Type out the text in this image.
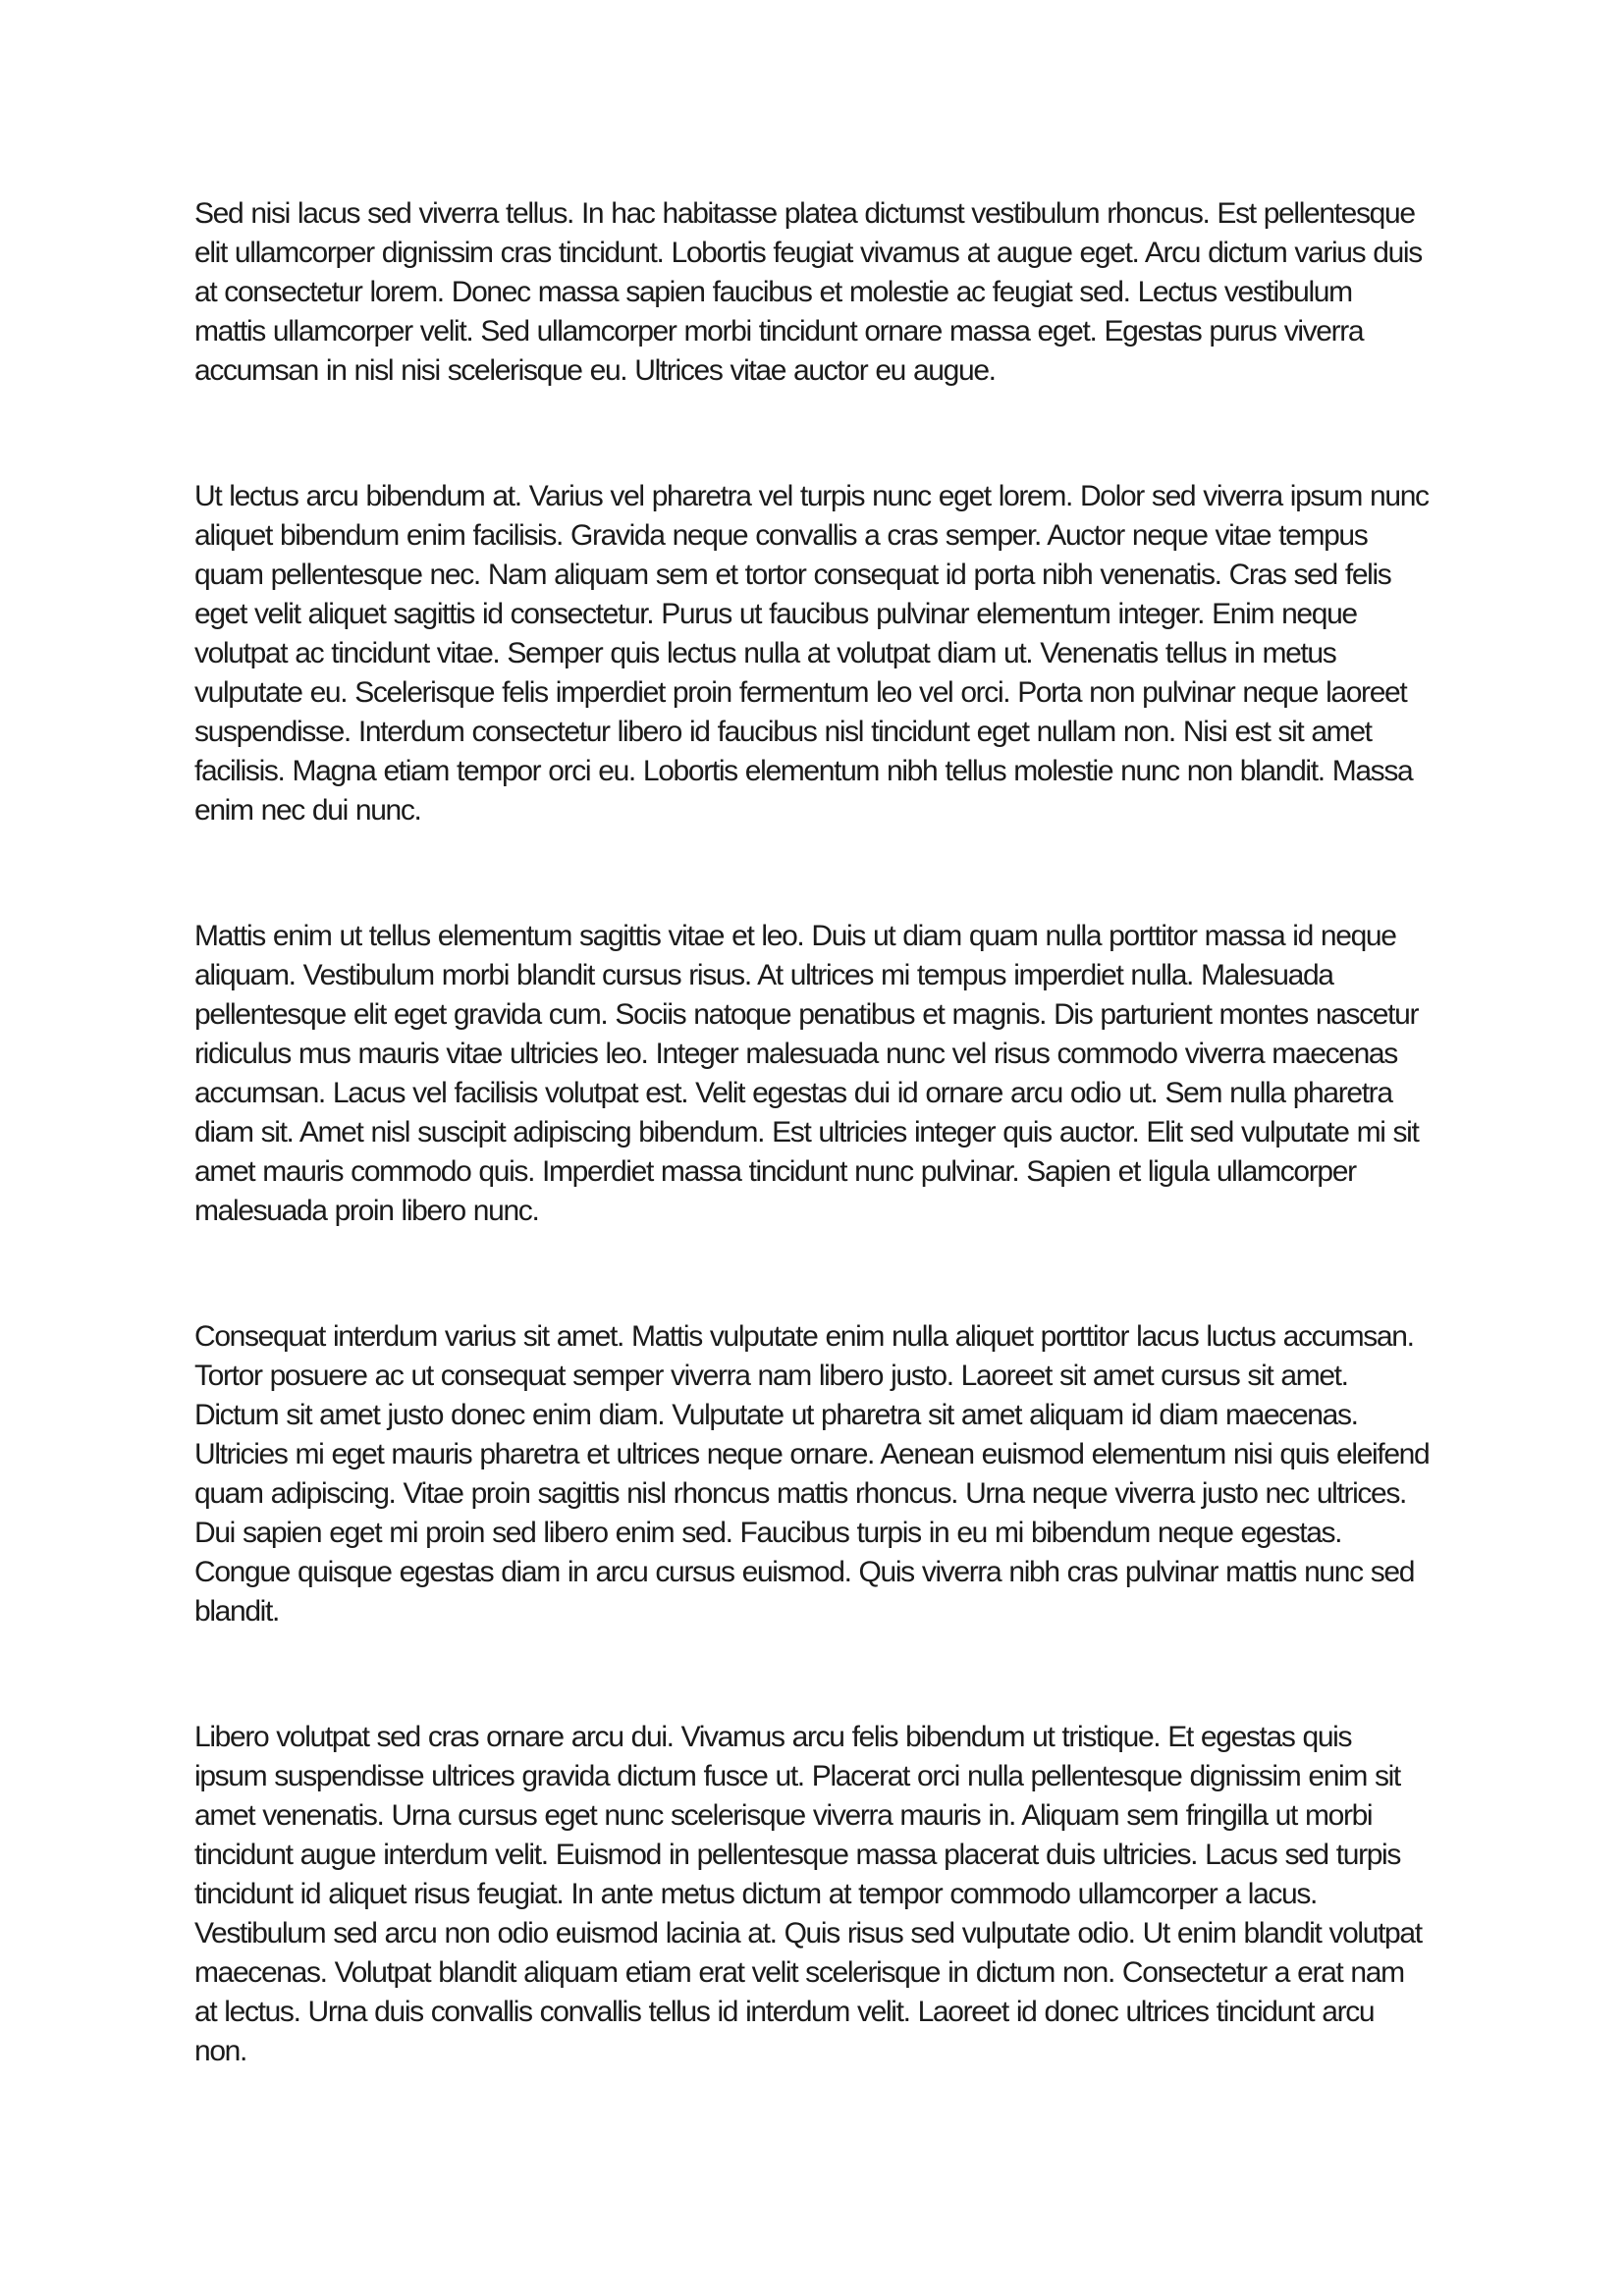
Sed nisi lacus sed viverra tellus. In hac habitasse platea dictumst vestibulum rhoncus. Est pellentesque elit ullamcorper dignissim cras tincidunt. Lobortis feugiat vivamus at augue eget. Arcu dictum varius duis at consectetur lorem. Donec massa sapien faucibus et molestie ac feugiat sed. Lectus vestibulum mattis ullamcorper velit. Sed ullamcorper morbi tincidunt ornare massa eget. Egestas purus viverra accumsan in nisl nisi scelerisque eu. Ultrices vitae auctor eu augue.

Ut lectus arcu bibendum at. Varius vel pharetra vel turpis nunc eget lorem. Dolor sed viverra ipsum nunc aliquet bibendum enim facilisis. Gravida neque convallis a cras semper. Auctor neque vitae tempus quam pellentesque nec. Nam aliquam sem et tortor consequat id porta nibh venenatis. Cras sed felis eget velit aliquet sagittis id consectetur. Purus ut faucibus pulvinar elementum integer. Enim neque volutpat ac tincidunt vitae. Semper quis lectus nulla at volutpat diam ut. Venenatis tellus in metus vulputate eu. Scelerisque felis imperdiet proin fermentum leo vel orci. Porta non pulvinar neque laoreet suspendisse. Interdum consectetur libero id faucibus nisl tincidunt eget nullam non. Nisi est sit amet facilisis. Magna etiam tempor orci eu. Lobortis elementum nibh tellus molestie nunc non blandit. Massa enim nec dui nunc.

Mattis enim ut tellus elementum sagittis vitae et leo. Duis ut diam quam nulla porttitor massa id neque aliquam. Vestibulum morbi blandit cursus risus. At ultrices mi tempus imperdiet nulla. Malesuada pellentesque elit eget gravida cum. Sociis natoque penatibus et magnis. Dis parturient montes nascetur ridiculus mus mauris vitae ultricies leo. Integer malesuada nunc vel risus commodo viverra maecenas accumsan. Lacus vel facilisis volutpat est. Velit egestas dui id ornare arcu odio ut. Sem nulla pharetra diam sit. Amet nisl suscipit adipiscing bibendum. Est ultricies integer quis auctor. Elit sed vulputate mi sit amet mauris commodo quis. Imperdiet massa tincidunt nunc pulvinar. Sapien et ligula ullamcorper malesuada proin libero nunc.

Consequat interdum varius sit amet. Mattis vulputate enim nulla aliquet porttitor lacus luctus accumsan. Tortor posuere ac ut consequat semper viverra nam libero justo. Laoreet sit amet cursus sit amet. Dictum sit amet justo donec enim diam. Vulputate ut pharetra sit amet aliquam id diam maecenas. Ultricies mi eget mauris pharetra et ultrices neque ornare. Aenean euismod elementum nisi quis eleifend quam adipiscing. Vitae proin sagittis nisl rhoncus mattis rhoncus. Urna neque viverra justo nec ultrices. Dui sapien eget mi proin sed libero enim sed. Faucibus turpis in eu mi bibendum neque egestas. Congue quisque egestas diam in arcu cursus euismod. Quis viverra nibh cras pulvinar mattis nunc sed blandit.

Libero volutpat sed cras ornare arcu dui. Vivamus arcu felis bibendum ut tristique. Et egestas quis ipsum suspendisse ultrices gravida dictum fusce ut. Placerat orci nulla pellentesque dignissim enim sit amet venenatis. Urna cursus eget nunc scelerisque viverra mauris in. Aliquam sem fringilla ut morbi tincidunt augue interdum velit. Euismod in pellentesque massa placerat duis ultricies. Lacus sed turpis tincidunt id aliquet risus feugiat. In ante metus dictum at tempor commodo ullamcorper a lacus. Vestibulum sed arcu non odio euismod lacinia at. Quis risus sed vulputate odio. Ut enim blandit volutpat maecenas. Volutpat blandit aliquam etiam erat velit scelerisque in dictum non. Consectetur a erat nam at lectus. Urna duis convallis convallis tellus id interdum velit. Laoreet id donec ultrices tincidunt arcu non.
